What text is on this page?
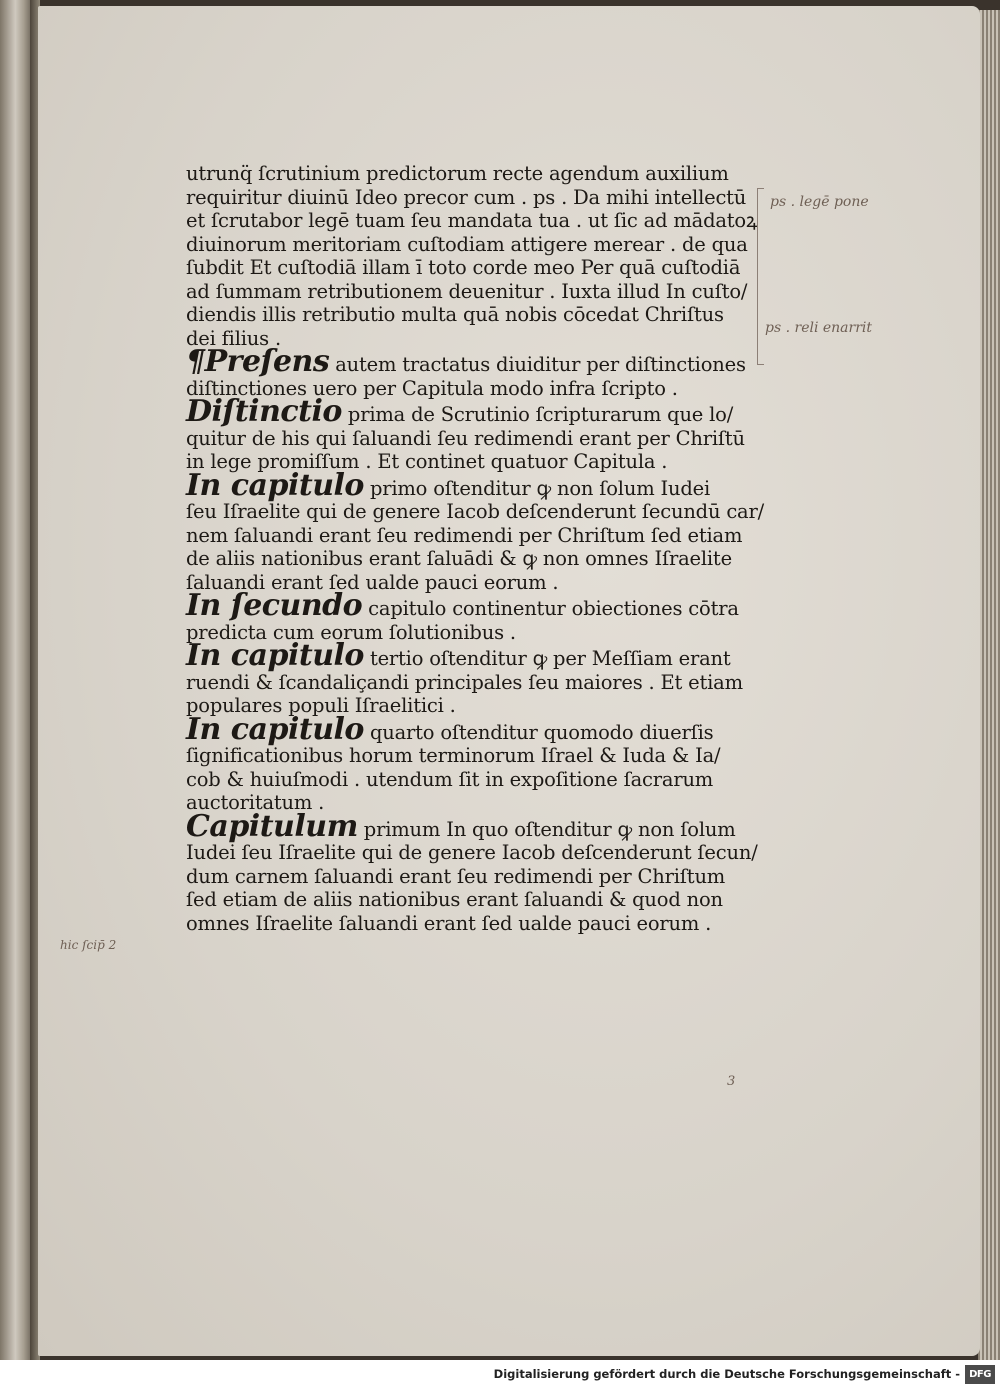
utrunq̈ ſcrutinium predictorum recte agendum auxilium
requiritur diuinū Ideo precor cum . ps . Da mihi intellectū
et ſcrutabor legē tuam ſeu mandata tua . ut ſic ad mādatoꝝ
diuinorum meritoriam cuſtodiam attigere merear . de qua
ſubdit Et cuſtodiā illam ī toto corde meo Per quā cuſtodiā
ad ſummam retributionem deuenitur . Iuxta illud In cuſto/
diendis illis retributio multa quā nobis cōcedat Chriſtus
dei filius .
¶Preſens autem tractatus diuiditur per diſtinctiones
diſtinctiones uero per Capitula modo infra ſcripto .
Diſtinctio prima de Scrutinio ſcripturarum que lo/
quitur de his qui ſaluandi ſeu redimendi erant per Chriſtū
in lege promiſſum . Et continet quatuor Capitula .
In capitulo primo oſtenditur ꝙ non ſolum Iudei
ſeu Iſraelite qui de genere Iacob deſcenderunt ſecundū car/
nem ſaluandi erant ſeu redimendi per Chriſtum ſed etiam
de aliis nationibus erant ſaluādi & ꝙ non omnes Iſraelite
ſaluandi erant ſed ualde pauci eorum .
In ſecundo capitulo continentur obiectiones cōtra
predicta cum eorum ſolutionibus .
In capitulo tertio oſtenditur ꝙ per Meſſiam erant
ruendi & ſcandaliçandi principales ſeu maiores . Et etiam
populares populi Iſraelitici .
In capitulo quarto oſtenditur quomodo diuerſis
ſignificationibus horum terminorum Iſrael & Iuda & Ia/
cob & huiuſmodi . utendum ſit in expoſitione ſacrarum
auctoritatum .
Capitulum primum In quo oſtenditur ꝙ non ſolum
Iudei ſeu Iſraelite qui de genere Iacob deſcenderunt ſecun/
dum carnem ſaluandi erant ſeu redimendi per Chriſtum
ſed etiam de aliis nationibus erant ſaluandi & quod non
omnes Iſraelite ſaluandi erant ſed ualde pauci eorum .
ps . legē pone
ps . reli enarrit
hic ſcip̄ 2
3
Digitalisierung gefördert durch die Deutsche Forschungsgemeinschaft - DFG
